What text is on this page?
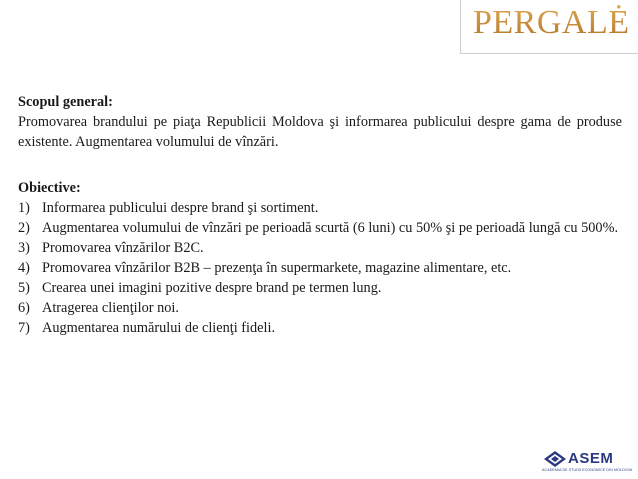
PERGALĖ
Scopul general:
Promovarea brandului pe piaţa Republicii Moldova şi informarea publicului despre gama de produse existente. Augmentarea volumului de vînzări.
Obiective:
1) Informarea publicului despre brand şi sortiment.
2) Augmentarea volumului de vînzări pe perioadă scurtă (6 luni) cu 50% şi pe perioadă lungă cu 500%.
3) Promovarea vînzărilor B2C.
4) Promovarea vînzărilor B2B – prezenţa în supermarkete, magazine alimentare, etc.
5) Crearea unei imagini pozitive despre brand pe termen lung.
6) Atragerea clienţilor noi.
7) Augmentarea numărului de clienţi fideli.
ASEM
ACADEMIA DE STUDII ECONOMICE DIN MOLDOVA
